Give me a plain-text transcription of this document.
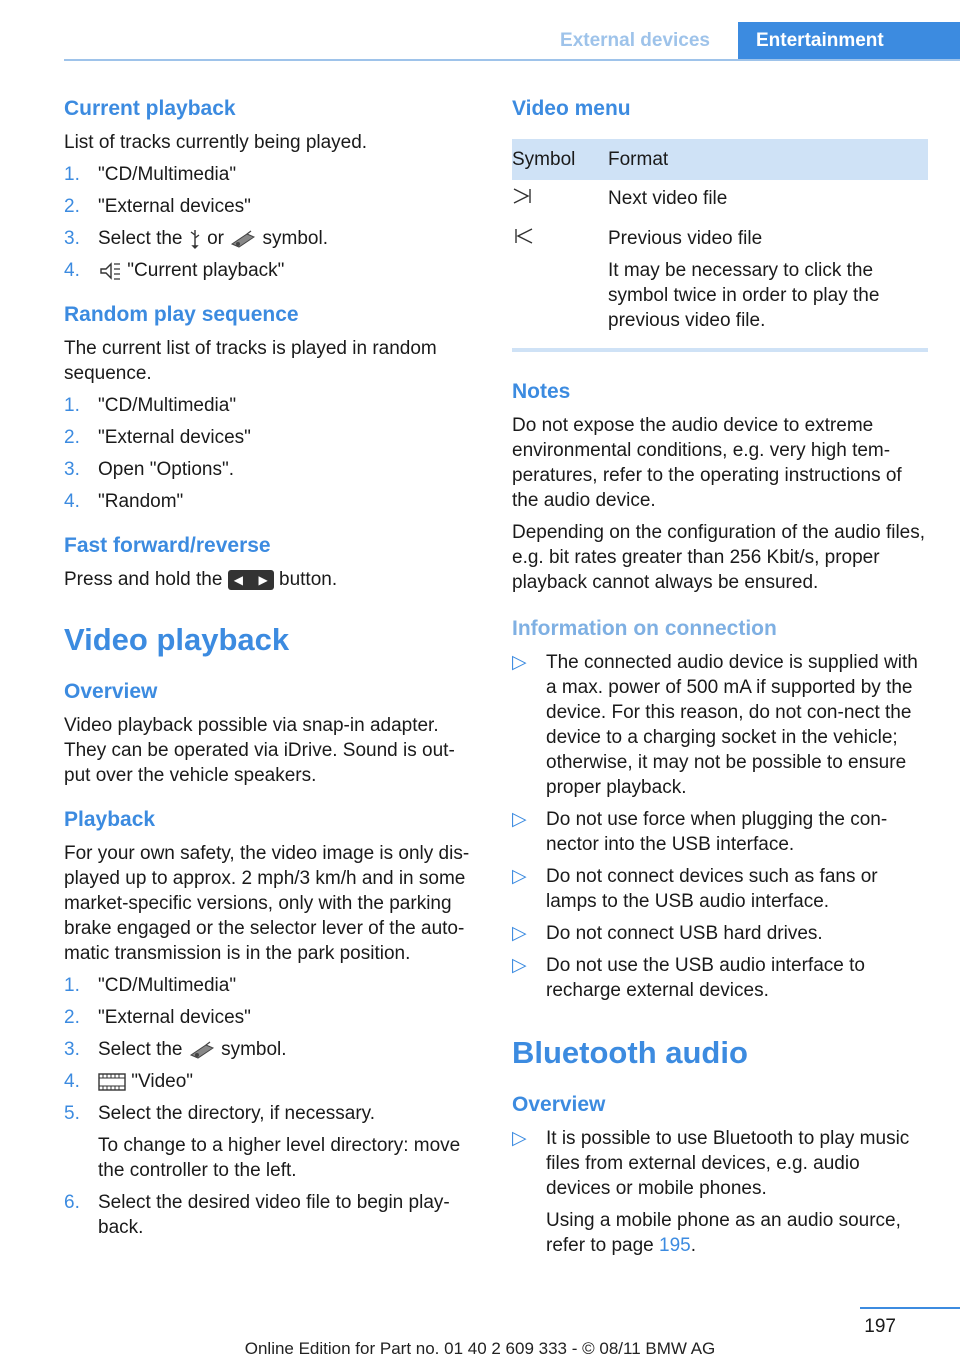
External devices	Entertainment
Current playback

List of tracks currently being played.

1. "CD/Multimedia"
2. "External devices"
3. Select the or symbol.
4. "Current playback"
Random play sequence

The current list of tracks is played in random sequence.

1. "CD/Multimedia"
2. "External devices"
3. Open "Options".
4. "Random"
Fast forward/reverse

Press and hold the ◀ ▶ button.

Video playback
Overview

Video playback possible via snap-in adapter. They can be operated via iDrive. Sound is out-put over the vehicle speakers.

Playback

For your own safety, the video image is only dis-played up to approx. 2 mph/3 km/h and in some market-specific versions, only with the parking brake engaged or the selector lever of the auto-matic transmission is in the park position.

1. "CD/Multimedia"
2. "External devices"
3. Select the symbol.
4.	"Video"
5. Select the directory, if necessary.
To change to a higher level directory: move the controller to the left.
6. Select the desired video file to begin play-back.
Video menu
Symbol	Format

Next video file

Previous video file
It may be necessary to click the symbol twice in order to play the previous video file.
Notes

Do not expose the audio device to extreme environmental conditions, e.g. very high tem-peratures, refer to the operating instructions of the audio device.

Depending on the configuration of the audio files, e.g. bit rates greater than 256 Kbit/s, proper playback cannot always be ensured.

Information on connection
▷ The connected audio device is supplied with a max. power of 500 mA if supported by the device. For this reason, do not con-nect the device to a charging socket in the vehicle; otherwise, it may not be possible to ensure proper playback.
▷ Do not use force when plugging the con-nector into the USB interface.
▷ Do not connect devices such as fans or lamps to the USB audio interface.
▷ Do not connect USB hard drives.
▷ Do not use the USB audio interface to recharge external devices.
Bluetooth audio
Overview
▷ It is possible to use Bluetooth to play music files from external devices, e.g. audio devices or mobile phones.
Using a mobile phone as an audio source, refer to page 195.
197
Online Edition for Part no. 01 40 2 609 333 - © 08/11 BMW AG
